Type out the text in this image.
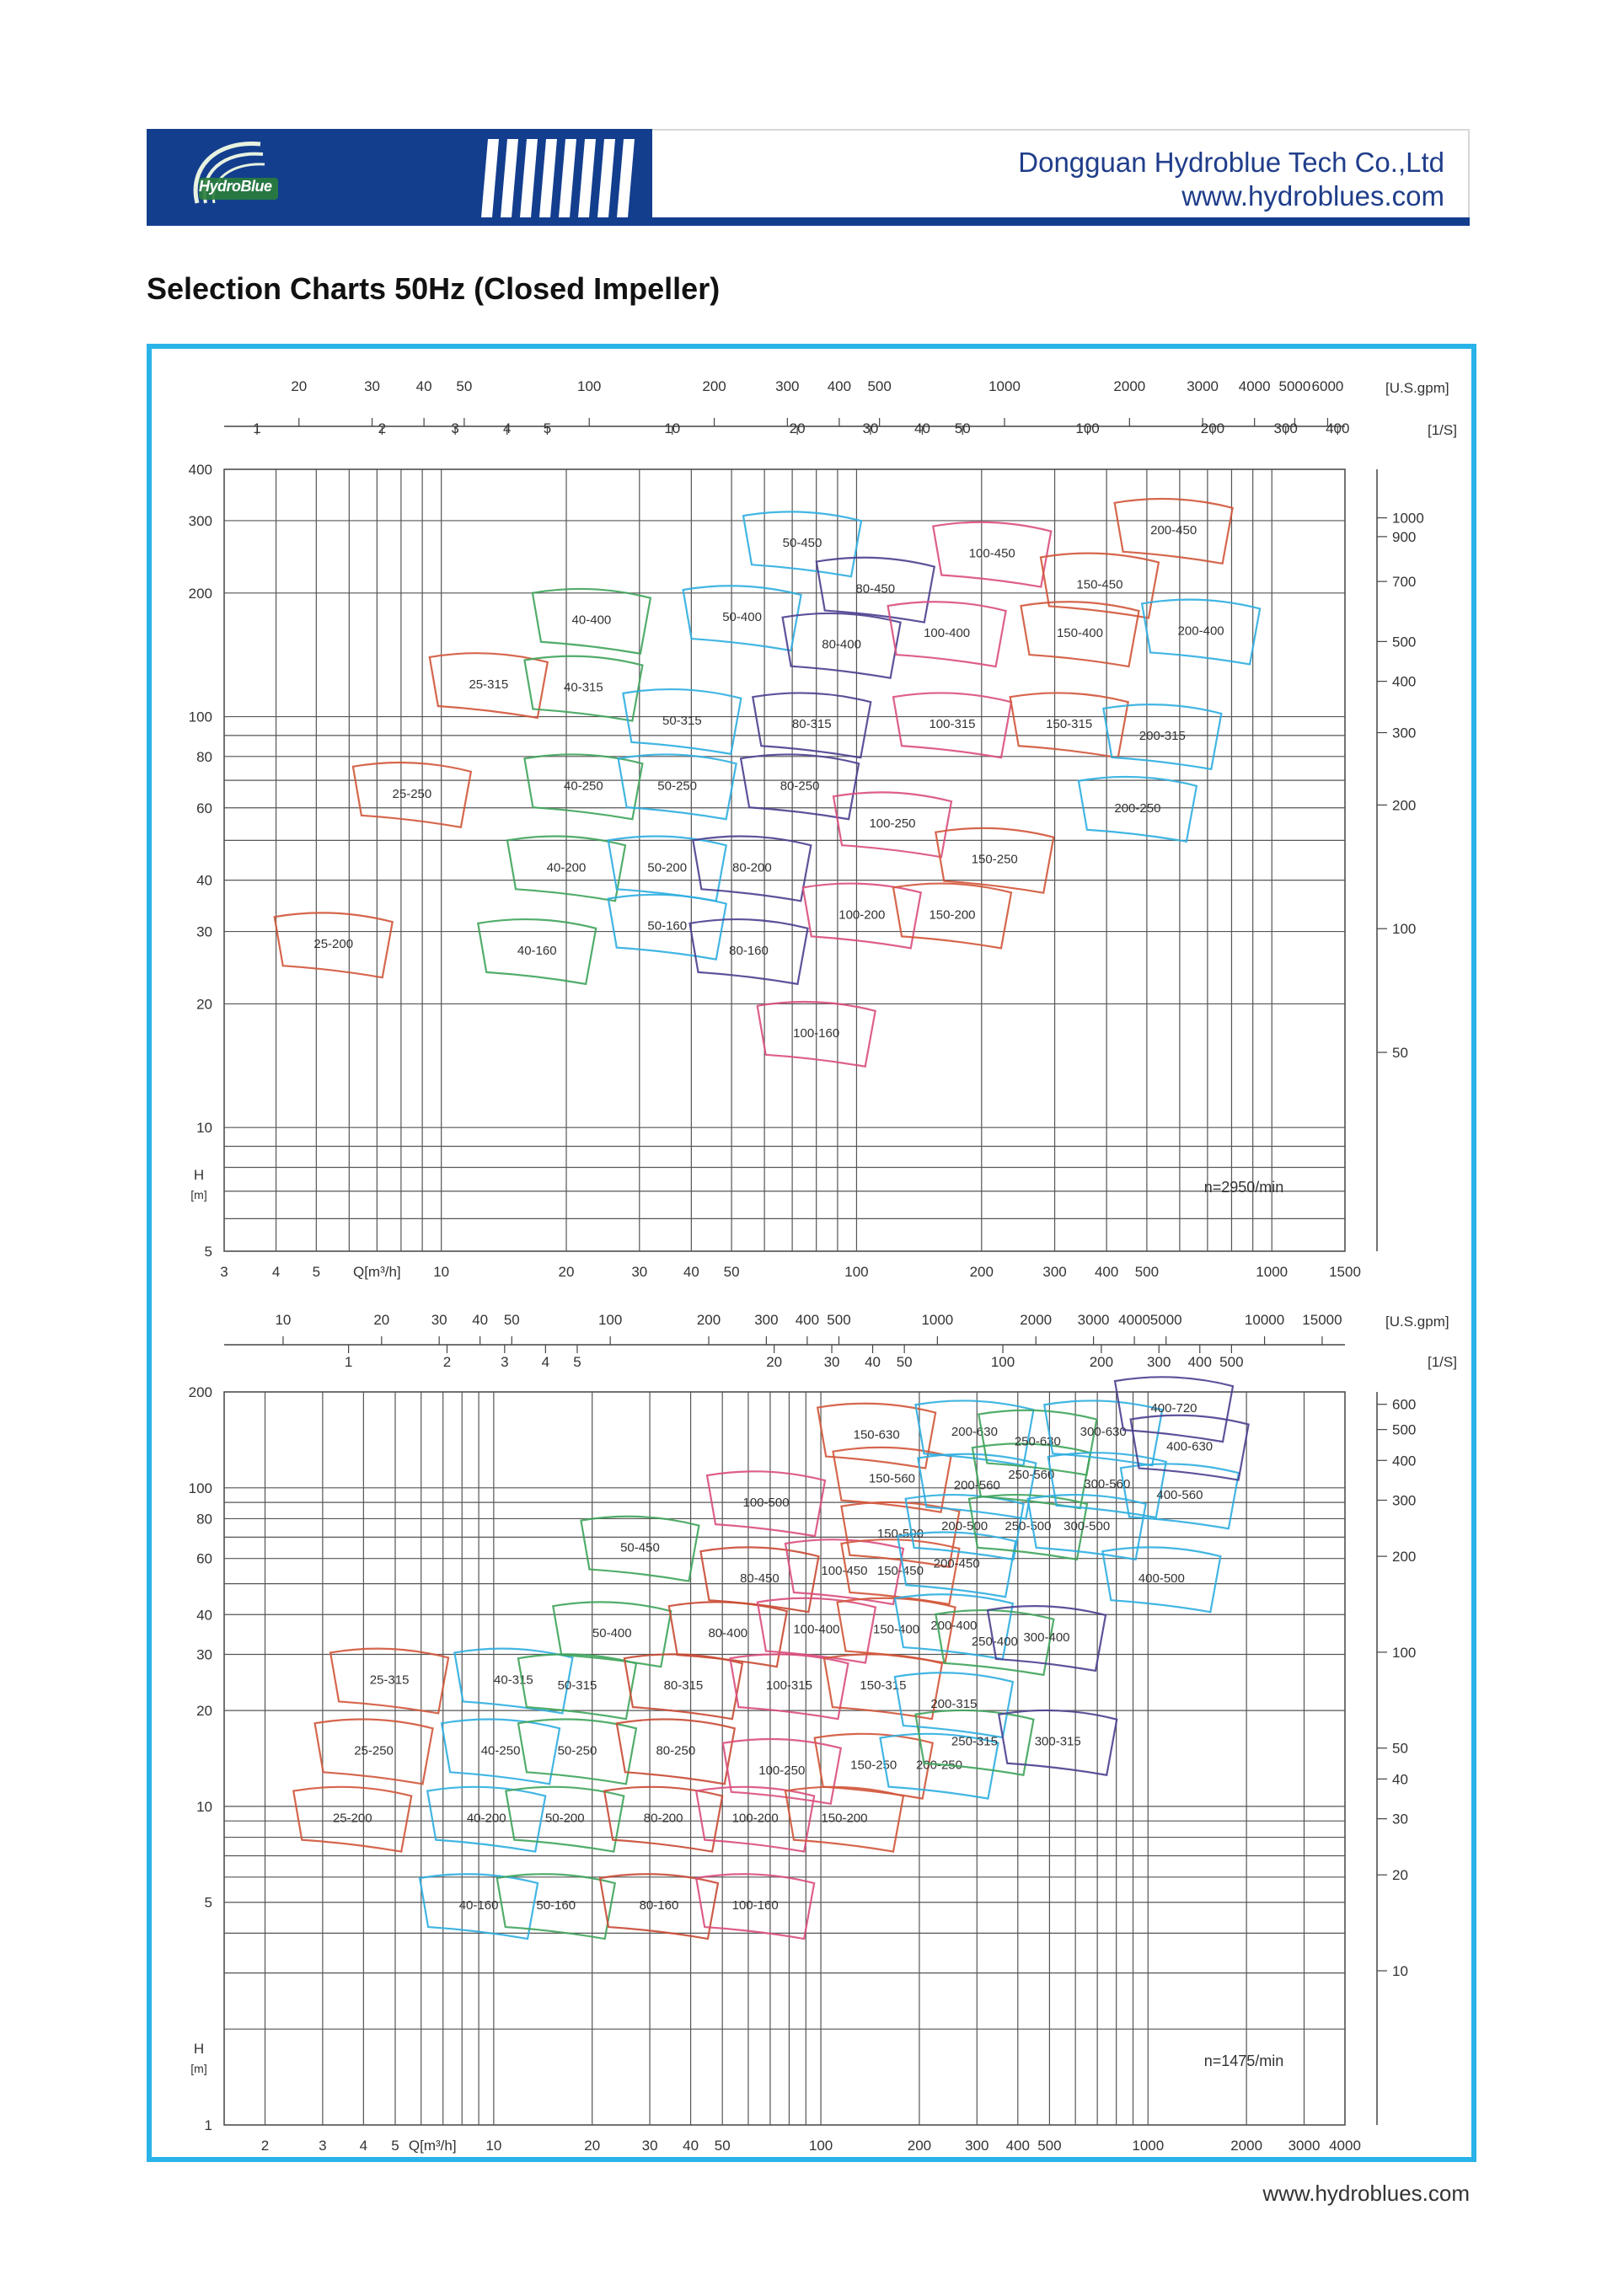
HydroBlue
Dongguan Hydroblue Tech Co.,Ltd
www.hydroblues.com
Selection Charts 50Hz (Closed Impeller)
3	4 5	10	20	30	40 50	100	200	300 400 500	1000	1500
5
10
20
30
40
60
80
100
200
300
400
Q[m³/h]
H
[m]
20	30	40 50	100	200	300 400 500	1000	2000	3000 4000 5000 6000	[U.S.gpm]
1	2	3	4 5	10	20	30	40 50	100	200	300 400	[1/S]
1000
900
700
500
400
300
200
100
50
n=2950/min
25-200
25-250
25-315
40-160
40-200
40-250
40-315
40-400
50-160
50-200
50-250
50-315
50-400
50-450
80-160
80-200
80-250
80-315
80-400
80-450
100-160
100-200
100-250
100-315
100-400
100-450
150-200
150-250
150-315
150-400
150-450
200-250
200-315
200-400
200-450
2	3 4 5	10	20	30 40 50	100	200 300 400 500	1000	2000 3000 4000
1
5
10
20
30
40
60
80
100
200
Q[m³/h]
H
[m]
10	20	30 40 50	100	200 300 400 500	1000	2000 3000 4000 5000	10000 15000	[U.S.gpm]
1	2	3 4 5	20	30 40 50	100	200 300 400 500	[1/S]
600
500
400
300
200
100
50
40
30
20
10
n=1475/min
25-200
25-250
25-315
40-160
40-200
40-250
40-315
50-160
50-200
50-250
50-315
50-400
50-450
80-160
80-200
80-250
80-315
80-400
80-450
100-160
100-200
100-250
100-315
100-400
100-450
100-500
150-200
150-250
150-315
150-400
150-450
150-500
150-560
150-630
200-250
200-315
200-400
200-450
200-500
200-560
200-630
250-315
250-400
250-500
250-560
250-630
300-315
300-400
300-500
300-560
300-630
400-500
400-560
400-630
400-720
www.hydroblues.com
